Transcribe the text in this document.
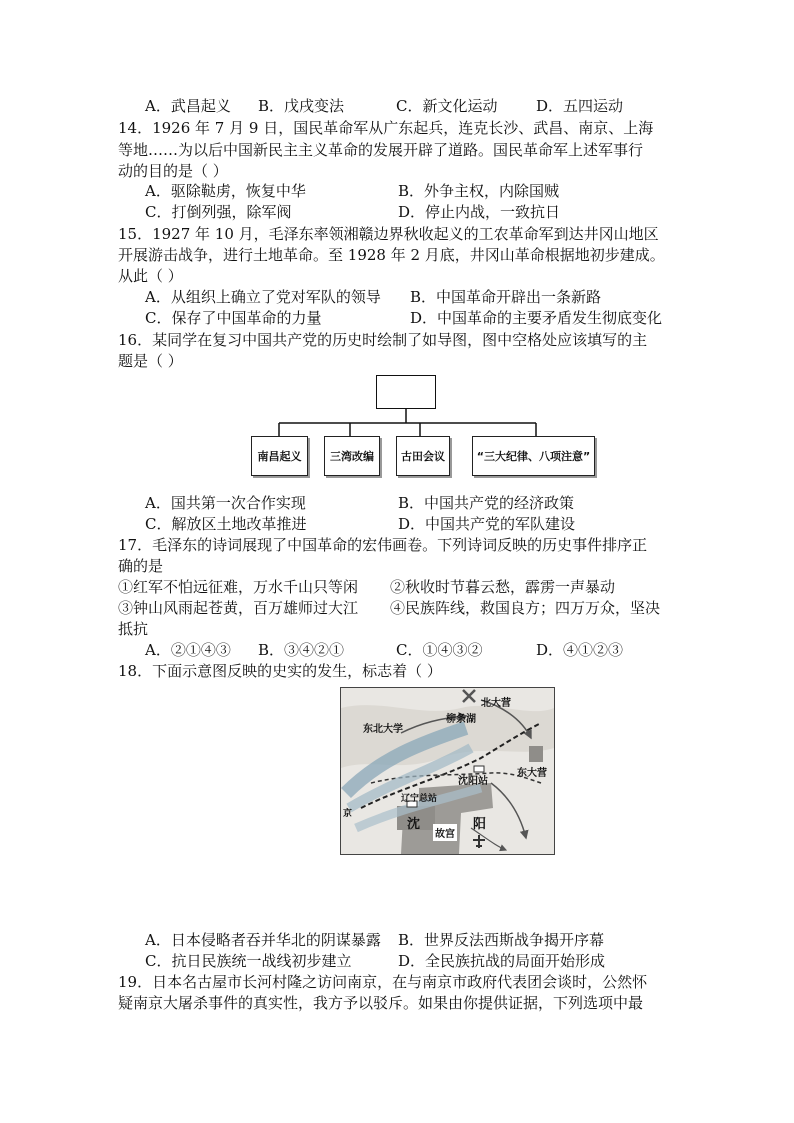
A．武昌起义 B．戊戌变法	C．新文化运动	D．五四运动
14．1926 年 7 月 9 日，国民革命军从广东起兵，连克长沙、武昌、南京、上海
等地……为以后中国新民主主义革命的发展开辟了道路。国民革命军上述军事行
动的目的是（ ）
A．驱除鞑虏，恢复中华	B．外争主权，内除国贼
C．打倒列强，除军阀	D．停止内战，一致抗日
15．1927 年 10 月，毛泽东率领湘赣边界秋收起义的工农革命军到达井冈山地区
开展游击战争，进行土地革命。至 1928 年 2 月底，井冈山革命根据地初步建成。
从此（ ）
A．从组织上确立了党对军队的领导 B．中国革命开辟出一条新路
C．保存了中国革命的力量	D．中国革命的主要矛盾发生彻底变化
16．某同学在复习中国共产党的历史时绘制了如导图，图中空格处应该填写的主
题是（ ）
南昌起义	三湾改编	古田会议	“三大纪律、八项注意”
A．国共第一次合作实现	B．中国共产党的经济政策
C．解放区土地改革推进	D．中国共产党的军队建设
17．毛泽东的诗词展现了中国革命的宏伟画卷。下列诗词反映的历史事件排序正
确的是
①红军不怕远征难，万水千山只等闲 ②秋收时节暮云愁，霹雳一声暴动
③钟山风雨起苍黄，百万雄师过大江 ④民族阵线，救国良方；四万万众，坚决
抵抗
A．②①④③ B．③④②①	C．①④③②	D．④①②③
18．下面示意图反映的史实的发生，标志着（ ）
北大营
柳条湖
东北大学
沈阳站
东大营
辽宁总站
沈
故宫
阳
京
A．日本侵略者吞并华北的阴谋暴露 B．世界反法西斯战争揭开序幕
C．抗日民族统一战线初步建立	D．全民族抗战的局面开始形成
19．日本名古屋市长河村隆之访问南京，在与南京市政府代表团会谈时，公然怀
疑南京大屠杀事件的真实性，我方予以驳斥。如果由你提供证据，下列选项中最
